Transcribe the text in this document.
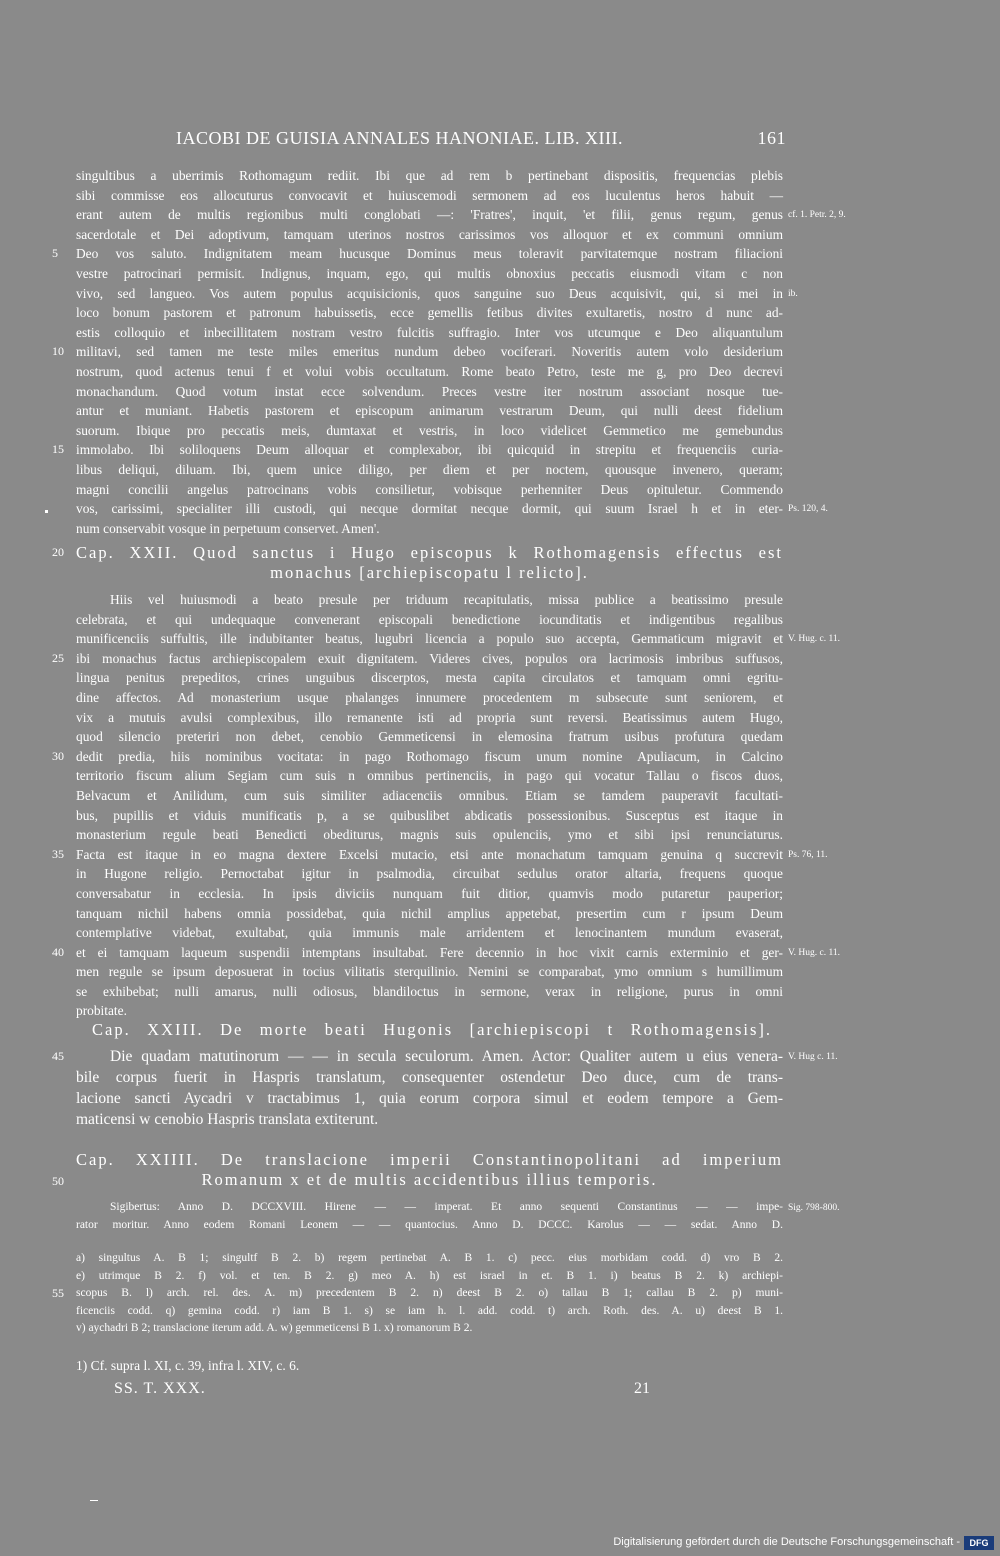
IACOBI DE GUISIA ANNALES HANONIAE. LIB. XIII.	161
singultibus a uberrimis Rothomagum rediit. Ibi que ad rem b pertinebant dispositis, frequencias plebis
sibi commisse eos allocuturus convocavit et huiuscemodi sermonem ad eos luculentus heros habuit —
erant autem de multis regionibus multi conglobati —: 'Fratres', inquit, 'et filii, genus regum, genus cf. 1. Petr. 2, 9.
sacerdotale et Dei adoptivum, tamquam uterinos nostros carissimos vos alloquor et ex communi omnium
Deo vos saluto. Indignitatem meam hucusque Dominus meus toleravit parvitatemque nostram filiacioni
5
vestre patrocinari permisit. Indignus, inquam, ego, qui multis obnoxius peccatis eiusmodi vitam c non
vivo, sed langueo. Vos autem populus acquisicionis, quos sanguine suo Deus acquisivit, qui, si mei in ib.
loco bonum pastorem et patronum habuissetis, ecce gemellis fetibus divites exultaretis, nostro d nunc ad-
estis colloquio et inbecillitatem nostram vestro fulcitis suffragio. Inter vos utcumque e Deo aliquantulum
militavi, sed tamen me teste miles emeritus nundum debeo vociferari. Noveritis autem volo desiderium
10
nostrum, quod actenus tenui f et volui vobis occultatum. Rome beato Petro, teste me g, pro Deo decrevi
monachandum. Quod votum instat ecce solvendum. Preces vestre iter nostrum associant nosque tue-
antur et muniant. Habetis pastorem et episcopum animarum vestrarum Deum, qui nulli deest fidelium
suorum. Ibique pro peccatis meis, dumtaxat et vestris, in loco videlicet Gemmetico me gemebundus
immolabo. Ibi soliloquens Deum alloquar et complexabor, ibi quicquid in strepitu et frequenciis curia-
15
libus deliqui, diluam. Ibi, quem unice diligo, per diem et per noctem, quousque invenero, queram;
magni concilii angelus patrocinans vobis consilietur, vobisque perhenniter Deus opituletur. Commendo
vos, carissimi, specialiter illi custodi, qui necque dormitat necque dormit, qui suum Israel h et in eter- Ps. 120, 4.
num conservabit vosque in perpetuum conservet. Amen'.
20 Cap. XXII. Quod sanctus i Hugo episcopus k Rothomagensis effectus est
monachus [archiepiscopatu l relicto].
Hiis vel huiusmodi a beato presule per triduum recapitulatis, missa publice a beatissimo presule
celebrata, et qui undequaque convenerant episcopali benedictione iocunditatis et indigentibus regalibus
munificenciis suffultis, ille indubitanter beatus, lugubri licencia a populo suo accepta, Gemmaticum migravit et V. Hug. c. 11.
ibi monachus factus archiepiscopalem exuit dignitatem. Videres cives, populos ora lacrimosis imbribus suffusos,
25
lingua penitus prepeditos, crines unguibus discerptos, mesta capita circulatos et tamquam omni egritu-
dine affectos. Ad monasterium usque phalanges innumere procedentem m subsecute sunt seniorem, et
vix a mutuis avulsi complexibus, illo remanente isti ad propria sunt reversi. Beatissimus autem Hugo,
quod silencio preteriri non debet, cenobio Gemmeticensi in elemosina fratrum usibus profutura quedam
dedit predia, hiis nominibus vocitata: in pago Rothomago fiscum unum nomine Apuliacum, in Calcino
30
territorio fiscum alium Segiam cum suis n omnibus pertinenciis, in pago qui vocatur Tallau o fiscos duos,
Belvacum et Anilidum, cum suis similiter adiacenciis omnibus. Etiam se tamdem pauperavit facultati-
bus, pupillis et viduis munificatis p, a se quibuslibet abdicatis possessionibus. Susceptus est itaque in
monasterium regule beati Benedicti obediturus, magnis suis opulenciis, ymo et sibi ipsi renunciaturus.
Facta est itaque in eo magna dextere Excelsi mutacio, etsi ante monachatum tamquam genuina q succrevit
35	Ps. 76, 11.
in Hugone religio. Pernoctabat igitur in psalmodia, circuibat sedulus orator altaria, frequens quoque
conversabatur in ecclesia. In ipsis diviciis nunquam fuit ditior, quamvis modo putaretur pauperior;
tanquam nichil habens omnia possidebat, quia nichil amplius appetebat, presertim cum r ipsum Deum
contemplative videbat, exultabat, quia immunis male arridentem et lenocinantem mundum evaserat,
et ei tamquam laqueum suspendii intemptans insultabat. Fere decennio in hoc vixit carnis exterminio et ger-
40	V. Hug. c. 11.
men regule se ipsum deposuerat in tocius vilitatis sterquilinio. Nemini se comparabat, ymo omnium s humillimum
se exhibebat; nulli amarus, nulli odiosus, blandiloctus in sermone, verax in religione, purus in omni
probitate.
Cap. XXIII. De morte beati Hugonis [archiepiscopi t Rothomagensis].
Die quadam matutinorum — — in secula seculorum. Amen. Actor: Qualiter autem u eius venera-
45	V. Hug c. 11.
bile corpus fuerit in Haspris translatum, consequenter ostendetur Deo duce, cum de trans-
lacione sancti Aycadri v tractabimus 1, quia eorum corpora simul et eodem tempore a Gem-
maticensi w cenobio Haspris translata extiterunt.
50
Cap. XXIIII. De translacione imperii Constantinopolitani ad imperium
Romanum x et de multis accidentibus illius temporis.
Sigibertus: Anno D. DCCXVIII. Hirene — — imperat. Et anno sequenti Constantinus — — impe- Sig. 798-800.
rator moritur. Anno eodem Romani Leonem — — quantocius. Anno D. DCCC. Karolus — — sedat. Anno D.
a) singultus A. B 1; singultf B 2. b) regem pertinebat A. B 1. c) pecc. eius morbidam codd. d) vro B 2.
e) utrimque B 2. f) vol. et ten. B 2. g) meo A. h) est israel in et. B 1. i) beatus B 2. k) archiepi-
scopus B. l) arch. rel. des. A. m) precedentem B 2. n) deest B 2. o) tallau B 1; callau B 2. p) muni-
55
ficenciis codd. q) gemina codd. r) iam B 1. s) se iam h. l. add. codd. t) arch. Roth. des. A. u) deest B 1.
v) aychadri B 2; translacione iterum add. A. w) gemmeticensi B 1. x) romanorum B 2.
1) Cf. supra l. XI, c. 39, infra l. XIV, c. 6.
SS. T. XXX.	21
Digitalisierung gefördert durch die Deutsche Forschungsgemeinschaft -	DFG
